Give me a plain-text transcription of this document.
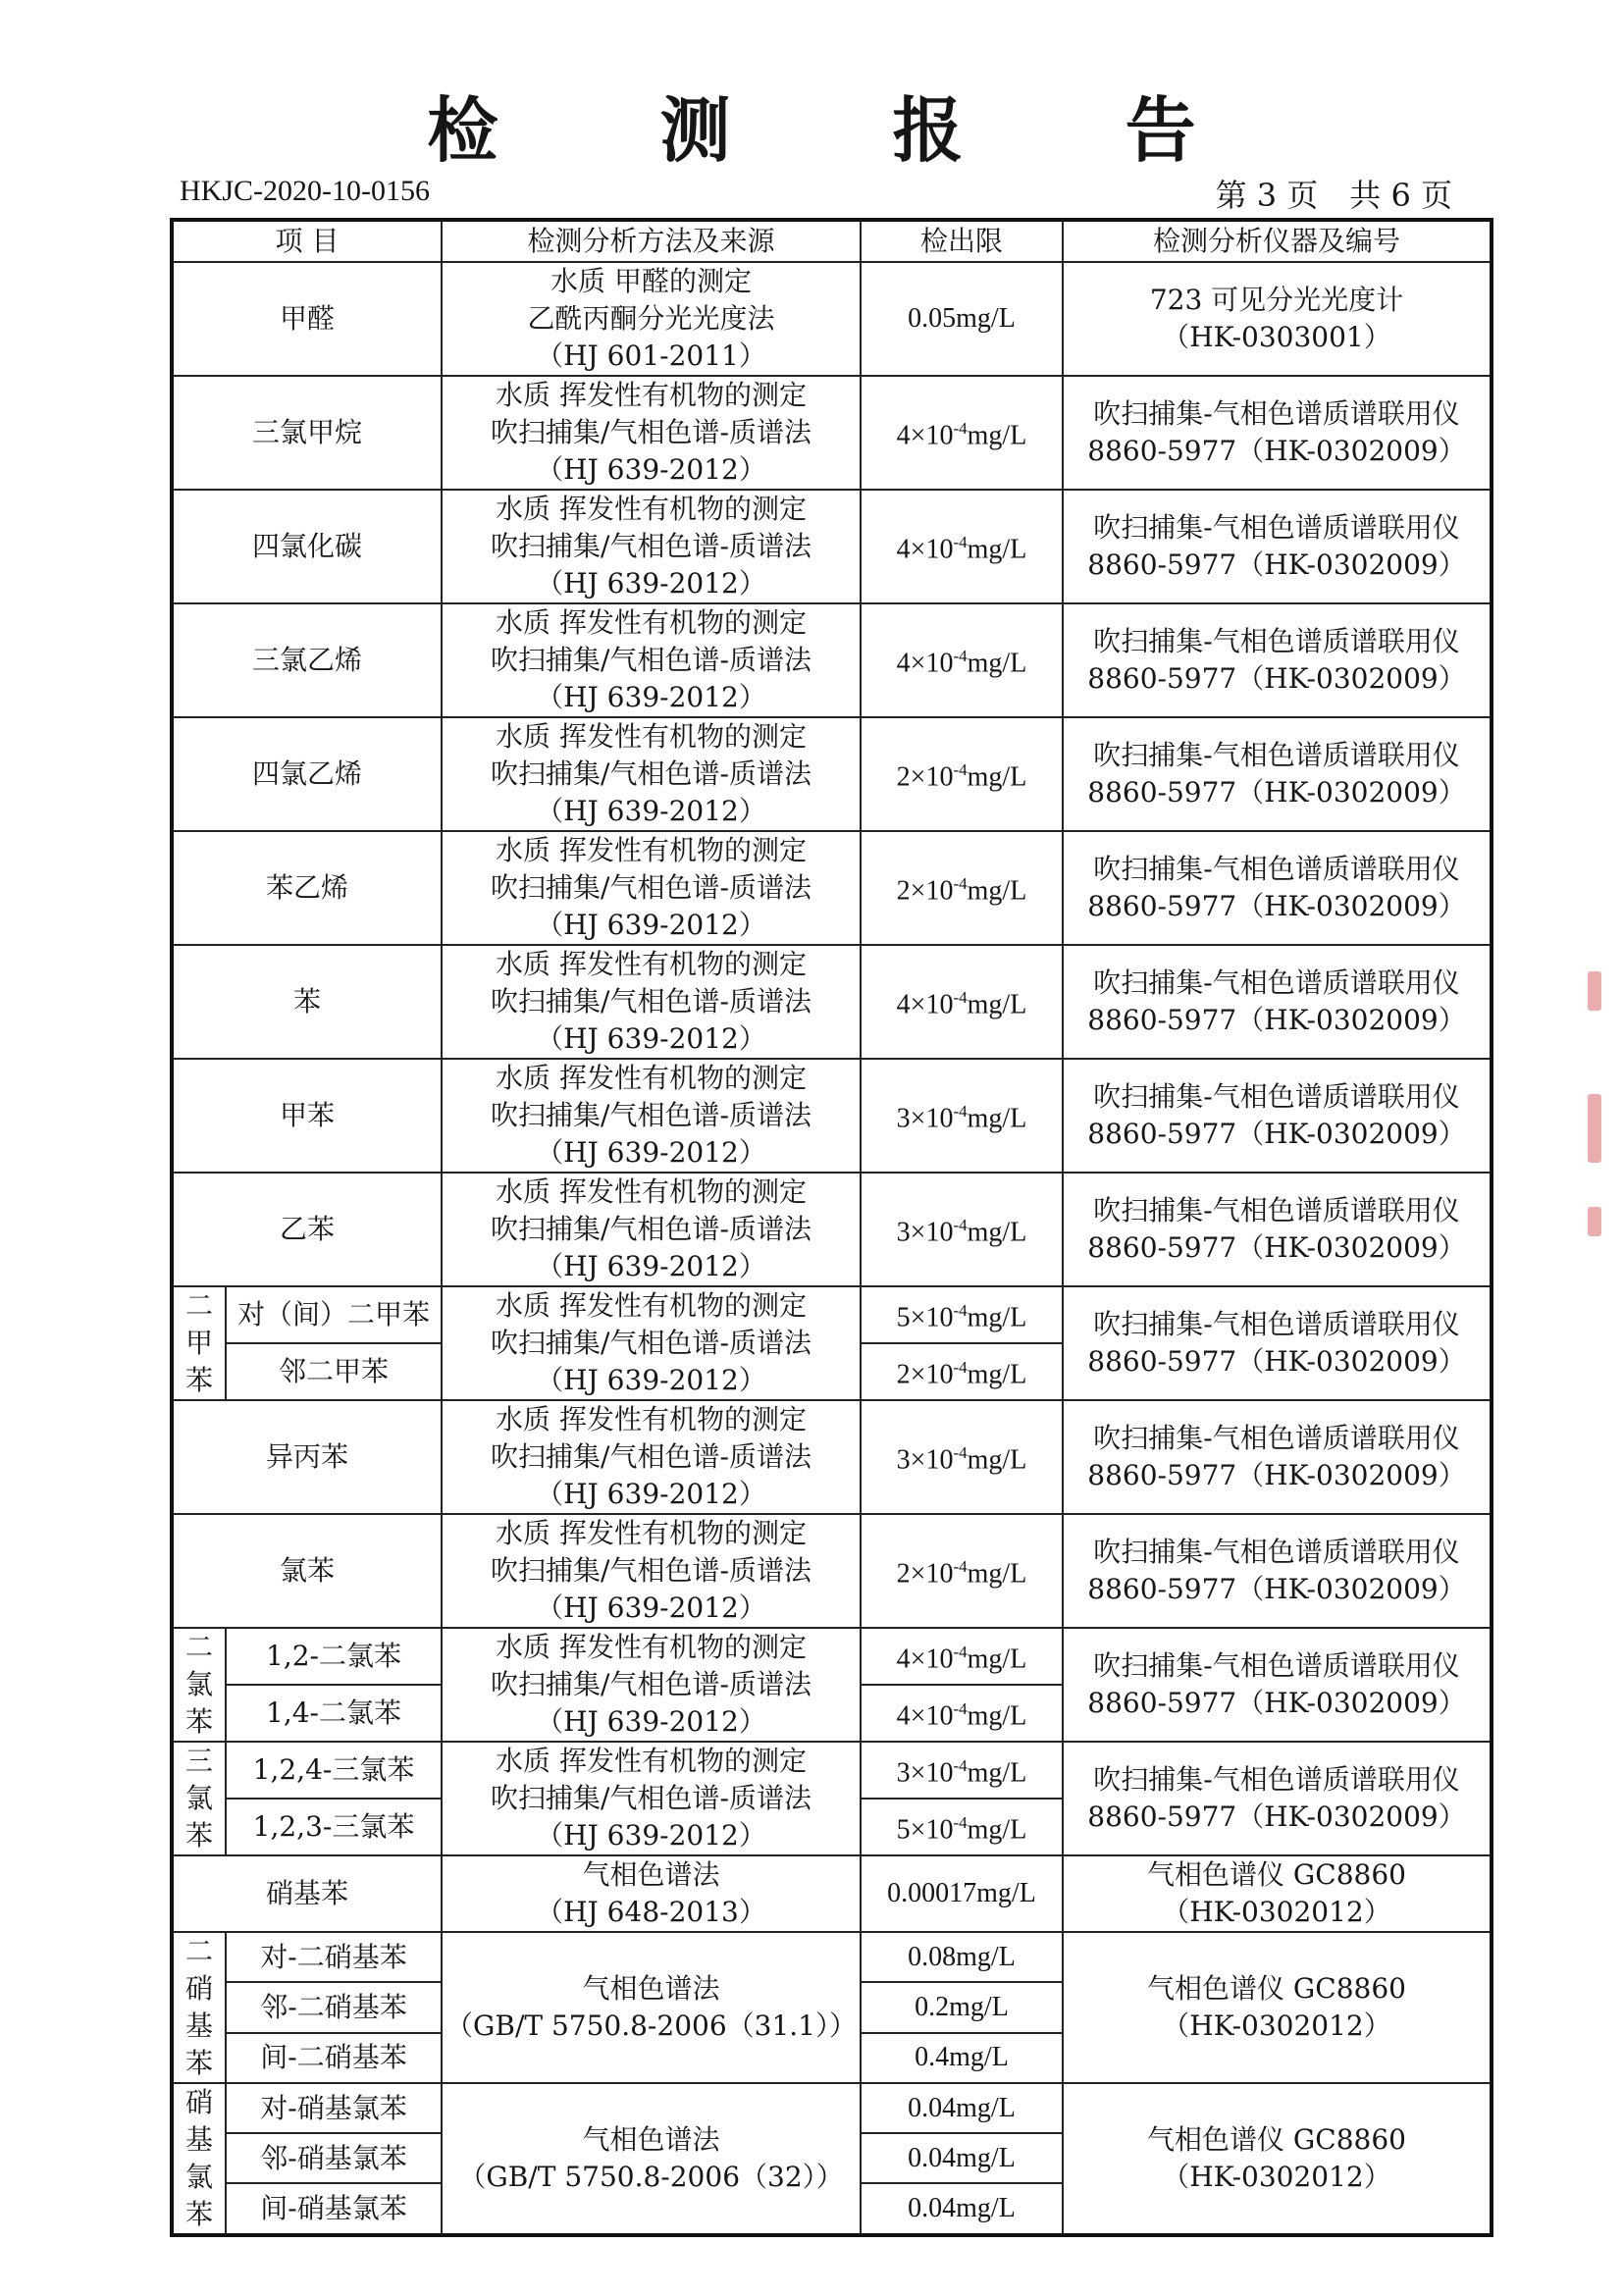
检 测 报 告
HKJC-2020-10-0156	第 3 页　共 6 页
项 目		检测分析方法及来源	检出限	检测分析仪器及编号
甲醛		水质 甲醛的测定
乙酰丙酮分光光度法
（HJ 601-2011）	0.05mg/L	723 可见分光光度计
（HK-0303001）

三氯甲烷		水质 挥发性有机物的测定
吹扫捕集/气相色谱-质谱法
（HJ 639-2012）	$4\times 10^{-4}mg/L$	吹扫捕集-气相色谱质谱联用仪
8860-5977（HK-0302009）

四氯化碳		水质 挥发性有机物的测定
吹扫捕集/气相色谱-质谱法
（HJ 639-2012）	$4\times 10^{-4}mg/L$	吹扫捕集-气相色谱质谱联用仪
8860-5977（HK-0302009）

三氯乙烯		水质 挥发性有机物的测定
吹扫捕集/气相色谱-质谱法
（HJ 639-2012）	$4\times 10^{-4}mg/L$	吹扫捕集-气相色谱质谱联用仪
8860-5977（HK-0302009）

四氯乙烯		水质 挥发性有机物的测定
吹扫捕集/气相色谱-质谱法
（HJ 639-2012）	$2\times 10^{-4}mg/L$	吹扫捕集-气相色谱质谱联用仪
8860-5977（HK-0302009）

苯乙烯		水质 挥发性有机物的测定
吹扫捕集/气相色谱-质谱法
（HJ 639-2012）	$2\times 10^{-4}mg/L$	吹扫捕集-气相色谱质谱联用仪
8860-5977（HK-0302009）

苯		水质 挥发性有机物的测定
吹扫捕集/气相色谱-质谱法
（HJ 639-2012）	$4\times 10^{-4}mg/L$	吹扫捕集-气相色谱质谱联用仪
8860-5977（HK-0302009）

甲苯		水质 挥发性有机物的测定
吹扫捕集/气相色谱-质谱法
（HJ 639-2012）	$3\times 10^{-4}mg/L$	吹扫捕集-气相色谱质谱联用仪
8860-5977（HK-0302009）

乙苯		水质 挥发性有机物的测定
吹扫捕集/气相色谱-质谱法
（HJ 639-2012）	$3\times 10^{-4}mg/L$	吹扫捕集-气相色谱质谱联用仪
8860-5977（HK-0302009）

二
甲
苯	对（间）二甲苯	水质 挥发性有机物的测定
吹扫捕集/气相色谱-质谱法
（HJ 639-2012）	$5\times 10^{-4}mg/L$	吹扫捕集-气相色谱质谱联用仪
8860-5977（HK-0302009）

	邻二甲苯		$2\times 10^{-4}mg/L$	
异丙苯		水质 挥发性有机物的测定
吹扫捕集/气相色谱-质谱法
（HJ 639-2012）	$3\times 10^{-4}mg/L$	吹扫捕集-气相色谱质谱联用仪
8860-5977（HK-0302009）

氯苯		水质 挥发性有机物的测定
吹扫捕集/气相色谱-质谱法
（HJ 639-2012）	$2\times 10^{-4}mg/L$	吹扫捕集-气相色谱质谱联用仪
8860-5977（HK-0302009）

二
氯
苯	1,2-二氯苯	水质 挥发性有机物的测定
吹扫捕集/气相色谱-质谱法
（HJ 639-2012）	$4\times 10^{-4}mg/L$	吹扫捕集-气相色谱质谱联用仪
8860-5977（HK-0302009）

	1,4-二氯苯		$4\times 10^{-4}mg/L$	

三
氯
苯	1,2,4-三氯苯	水质 挥发性有机物的测定
吹扫捕集/气相色谱-质谱法
（HJ 639-2012）	$3\times 10^{-4}mg/L$	吹扫捕集-气相色谱质谱联用仪
8860-5977（HK-0302009）

	1,2,3-三氯苯		$5\times 10^{-4}mg/L$	
硝基苯		气相色谱法
（HJ 648-2013）	0.00017mg/L	气相色谱仪 GC8860
（HK-0302012）

二硝
基苯	对-二硝基苯	气相色谱法
（GB/T 5750.8-2006（31.1））	0.08mg/L	气相色谱仪 GC8860
（HK-0302012）

	邻-二硝基苯		0.2mg/L	
	间-二硝基苯		0.4mg/L	

硝基
氯苯	对-硝基氯苯	气相色谱法
（GB/T 5750.8-2006（32））	0.04mg/L	气相色谱仪 GC8860
（HK-0302012）

	邻-硝基氯苯		0.04mg/L	
	间-硝基氯苯		0.04mg/L	
